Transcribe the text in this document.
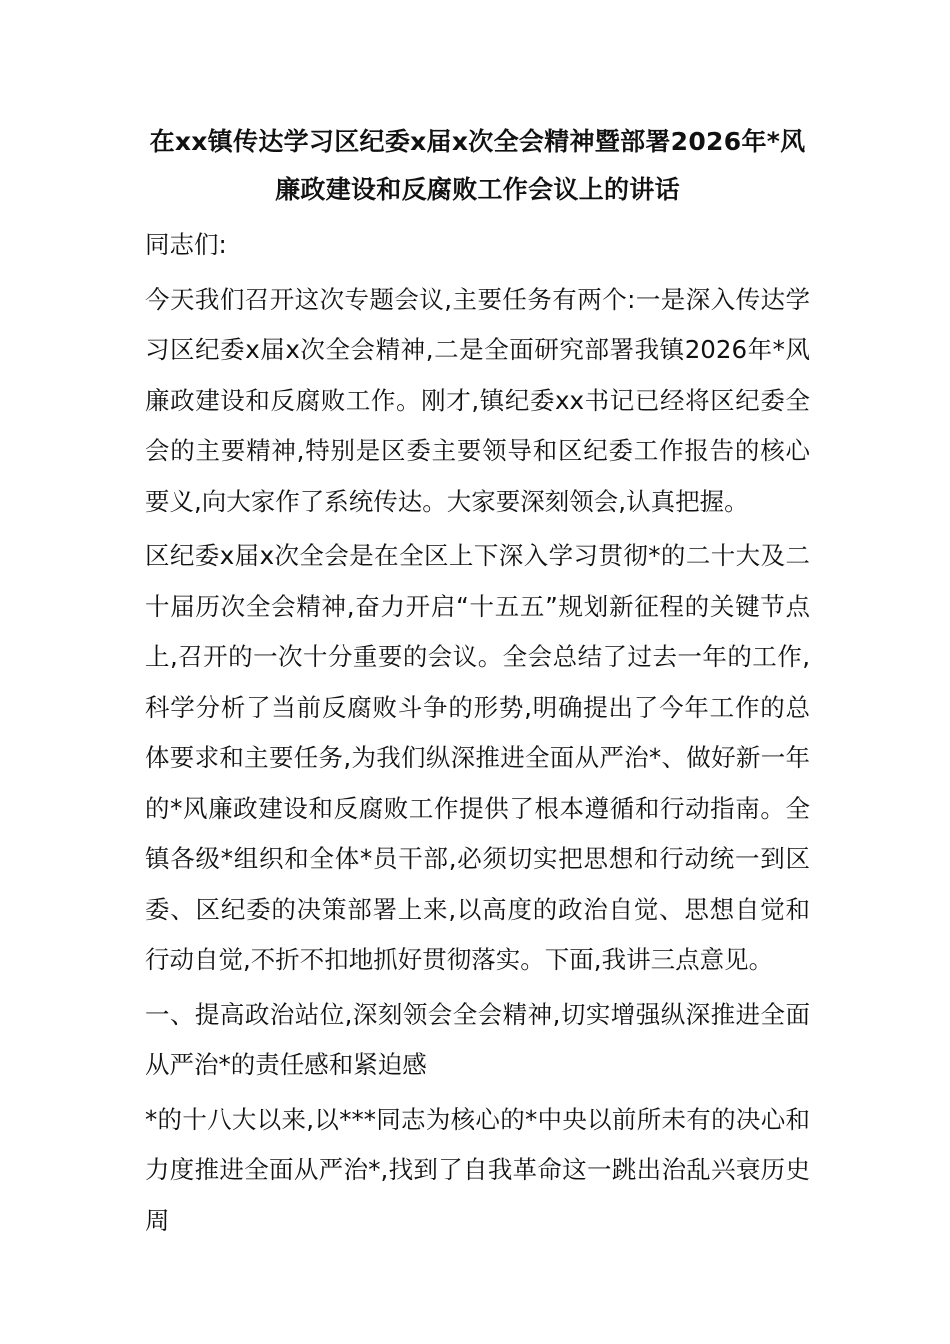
在xx镇传达学习区纪委x届x次全会精神暨部署2026年*风廉政建设和反腐败工作会议上的讲话

同志们:

今天我们召开这次专题会议,主要任务有两个:一是深入传达学习区纪委x届x次全会精神,二是全面研究部署我镇2026年*风廉政建设和反腐败工作。刚才,镇纪委xx书记已经将区纪委全会的主要精神,特别是区委主要领导和区纪委工作报告的核心要义,向大家作了系统传达。大家要深刻领会,认真把握。

区纪委x届x次全会是在全区上下深入学习贯彻*的二十大及二十届历次全会精神,奋力开启“十五五”规划新征程的关键节点上,召开的一次十分重要的会议。全会总结了过去一年的工作,科学分析了当前反腐败斗争的形势,明确提出了今年工作的总体要求和主要任务,为我们纵深推进全面从严治*、做好新一年的*风廉政建设和反腐败工作提供了根本遵循和行动指南。全镇各级*组织和全体*员干部,必须切实把思想和行动统一到区委、区纪委的决策部署上来,以高度的政治自觉、思想自觉和行动自觉,不折不扣地抓好贯彻落实。下面,我讲三点意见。

一、提高政治站位,深刻领会全会精神,切实增强纵深推进全面从严治*的责任感和紧迫感

*的十八大以来,以***同志为核心的*中央以前所未有的决心和力度推进全面从严治*,找到了自我革命这一跳出治乱兴衰历史周
